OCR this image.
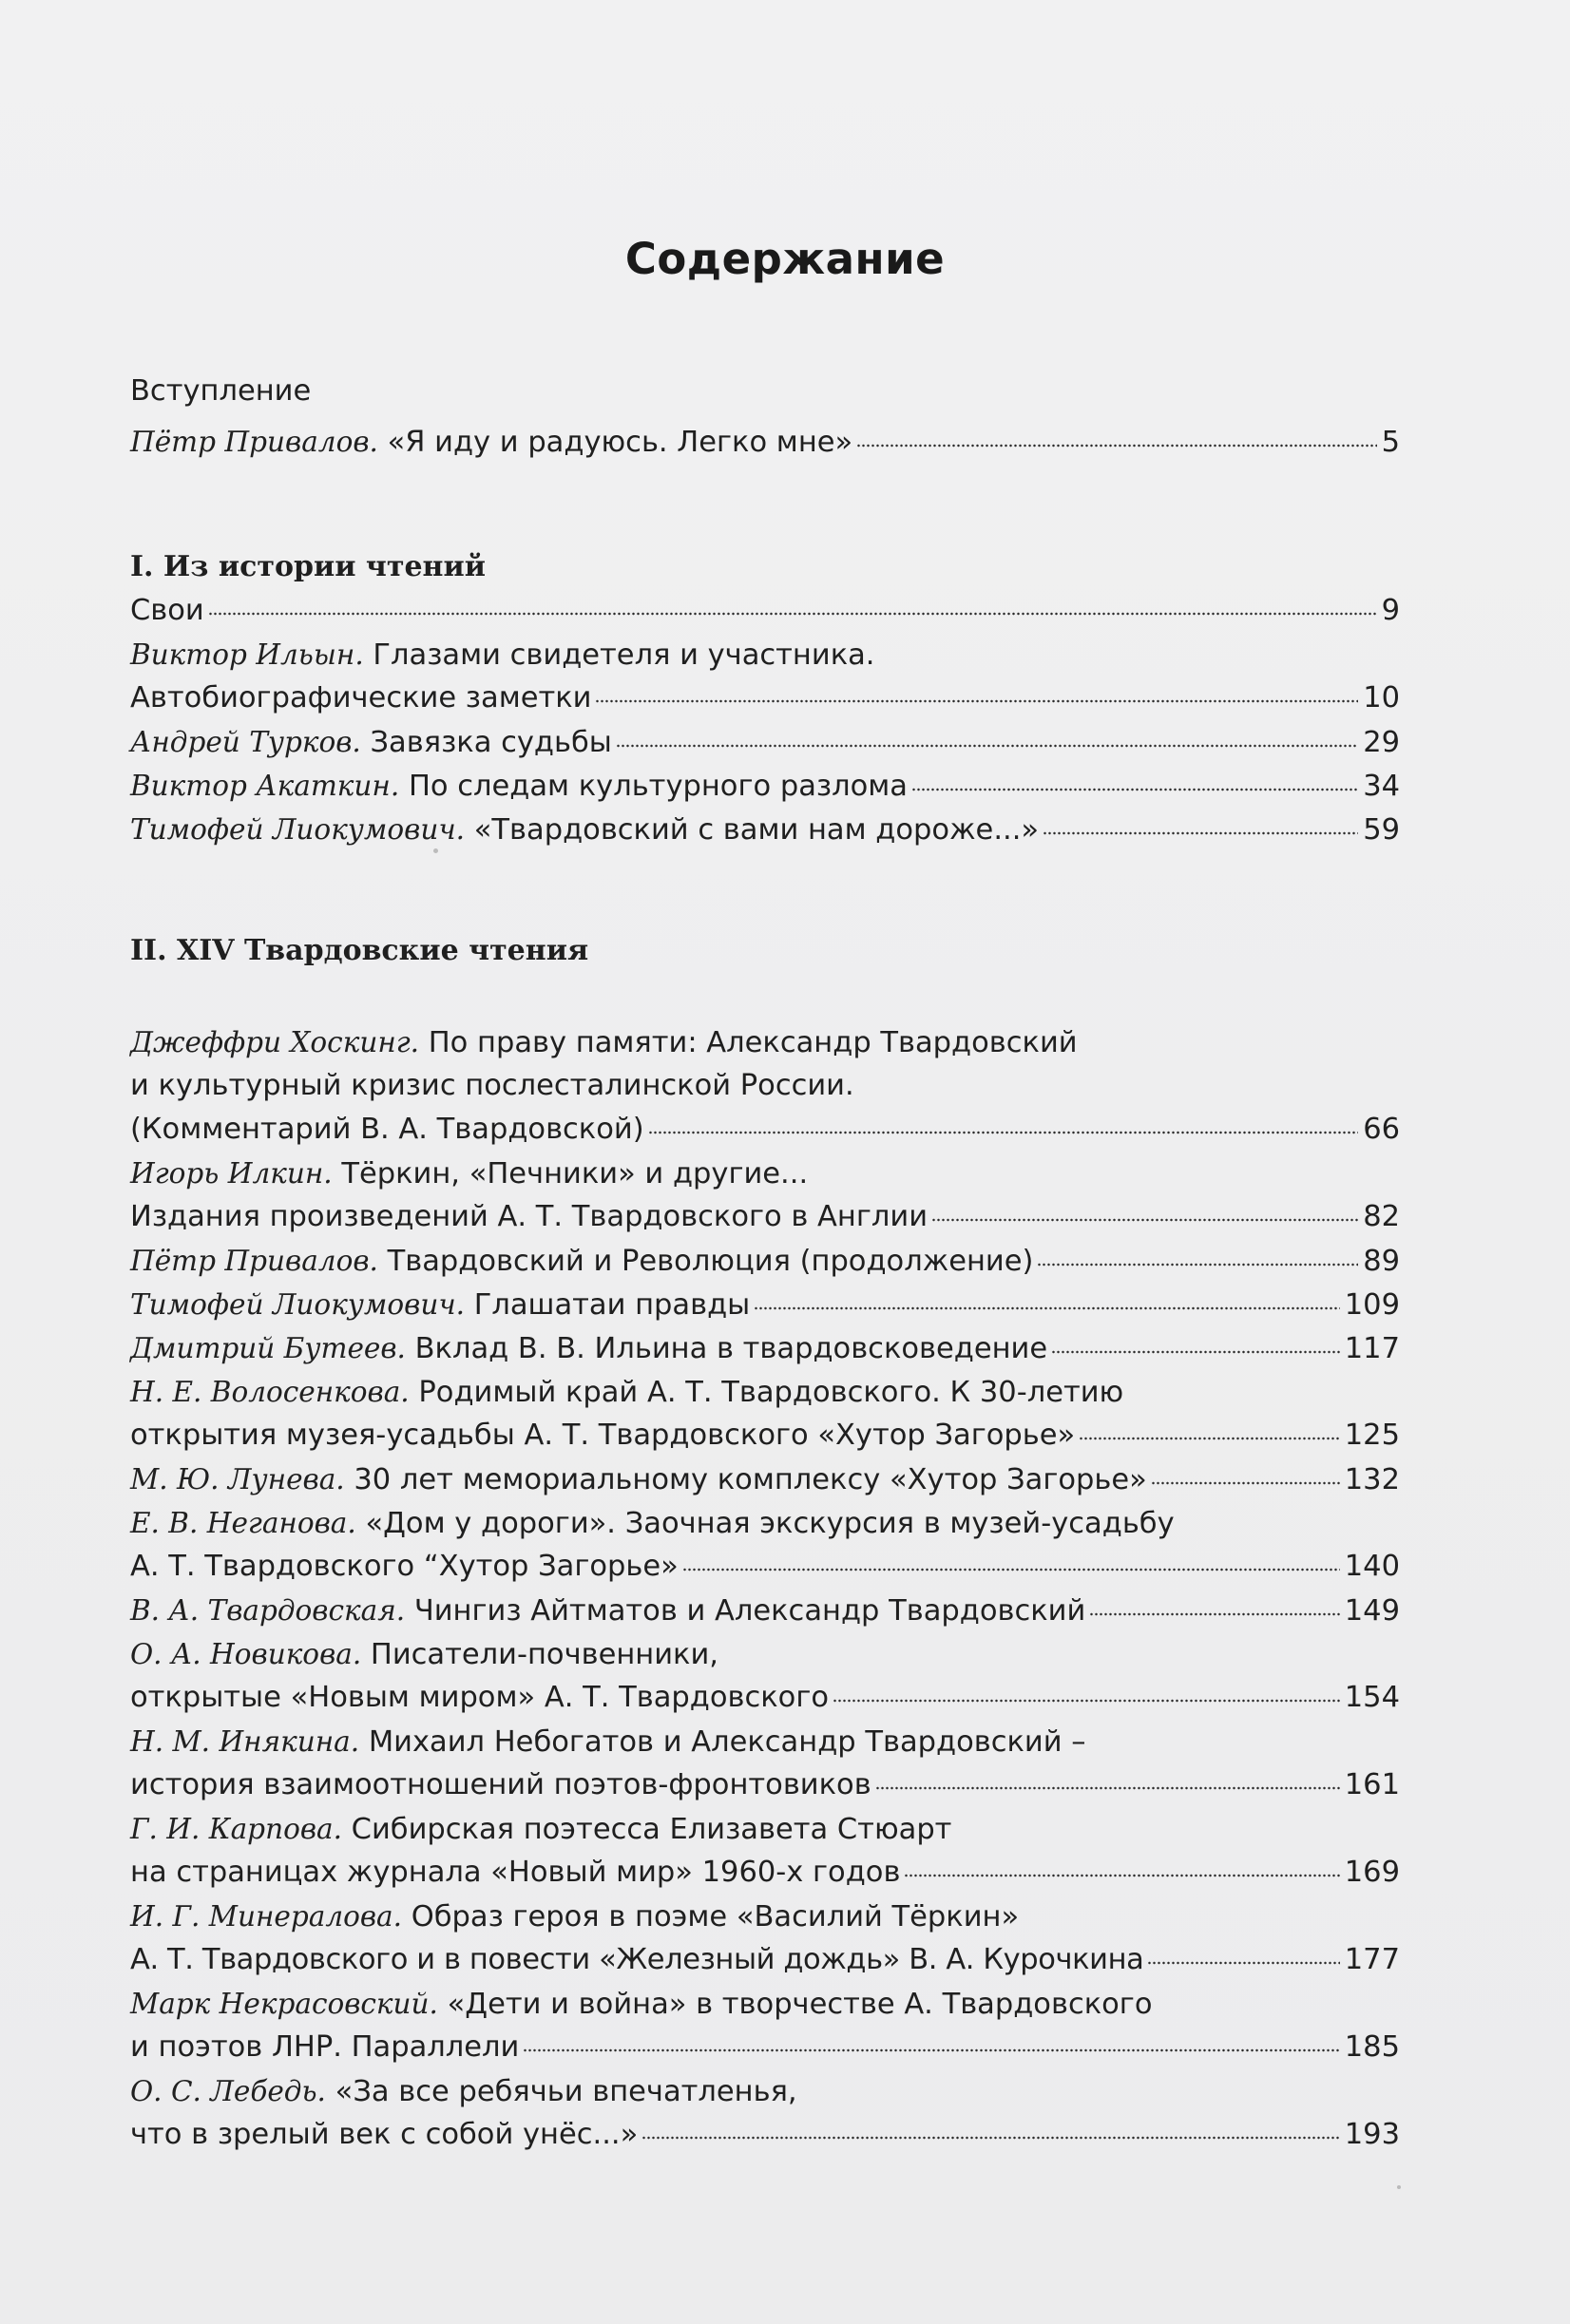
Содержание
Вступление
Пётр Привалов.
«Я иду и радуюсь. Легко мне»	5
I. Из истории чтений
Свои	9
Виктор Ильын. Глазами свидетеля и участника.
Автобиографические заметки	10
Андрей Турков.
Завязка судьбы	29
Виктор Акаткин.
По следам культурного разлома	34
Тимофей Лиокумович.
«Твардовский с вами нам дороже...»	59
II. XIV Твардовские чтения
Джеффри Хоскинг. По праву памяти: Александр Твардовский
и культурный кризис послесталинской России.
(Комментарий В. А. Твардовской)	66
Игорь Илкин. Тёркин, «Печники» и другие...
Издания произведений А. Т. Твардовского в Англии	82
Пётр Привалов.
Твардовский и Революция (продолжение)	89
Тимофей Лиокумович.
Глашатаи правды	109
Дмитрий Бутеев.
Вклад В. В. Ильина в твардовсковедение	117
Н. Е. Волосенкова. Родимый край А. Т. Твардовского. К 30-летию
открытия музея-усадьбы А. Т. Твардовского «Хутор Загорье»	125
М. Ю. Лунева.
30 лет мемориальному комплексу «Хутор Загорье»	132
Е. В. Неганова. «Дом у дороги». Заочная экскурсия в музей-усадьбу
А. Т. Твардовского “Хутор Загорье»	140
В. А. Твардовская.
Чингиз Айтматов и Александр Твардовский	149
О. А. Новикова. Писатели-почвенники,
открытые «Новым миром» А. Т. Твардовского	154
Н. М. Инякина. Михаил Небогатов и Александр Твардовский –
история взаимоотношений поэтов-фронтовиков	161
Г. И. Карпова. Сибирская поэтесса Елизавета Стюарт
на страницах журнала «Новый мир» 1960-х годов	169
И. Г. Минералова. Образ героя в поэме «Василий Тёркин»
А. Т. Твардовского и в повести «Железный дождь» В. А. Курочкина	177
Марк Некрасовский. «Дети и война» в творчестве А. Твардовского
и поэтов ЛНР. Параллели	185
О. С. Лебедь. «За все ребячьи впечатленья,
что в зрелый век с собой унёс...»	193
